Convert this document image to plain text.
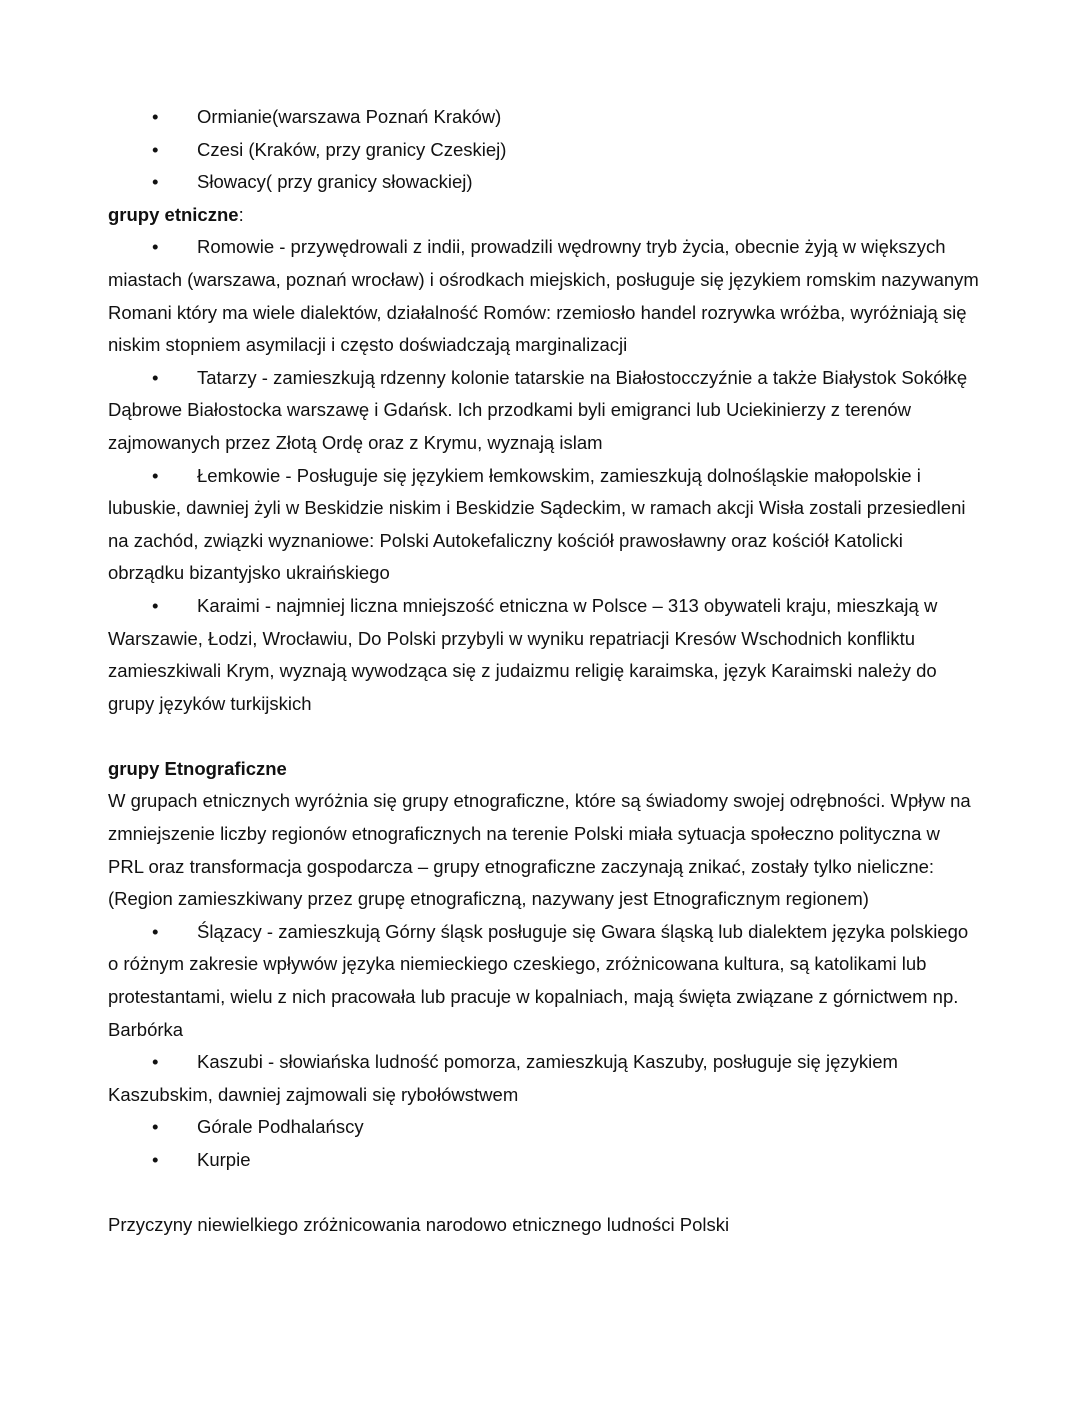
• Ormianie(warszawa Poznań Kraków)
• Czesi (Kraków, przy granicy Czeskiej)
• Słowacy( przy granicy słowackiej)
grupy etniczne:

• Romowie - przywędrowali z indii, prowadzili wędrowny tryb życia, obecnie żyją w większych miastach (warszawa, poznań wrocław) i ośrodkach miejskich, posługuje się językiem romskim nazywanym Romani który ma wiele dialektów, działalność Romów: rzemiosło handel rozrywka wróżba, wyróżniają się niskim stopniem asymilacji i często doświadczają marginalizacji

• Tatarzy - zamieszkują rdzenny kolonie tatarskie na Białostocczyźnie a także Białystok Sokółkę Dąbrowe Białostocka warszawę i Gdańsk. Ich przodkami byli emigranci lub Uciekinierzy z terenów zajmowanych przez Złotą Ordę oraz z Krymu, wyznają islam

• Łemkowie - Posługuje się językiem łemkowskim, zamieszkują dolnośląskie małopolskie i lubuskie, dawniej żyli w Beskidzie niskim i Beskidzie Sądeckim, w ramach akcji Wisła zostali przesiedleni na zachód, związki wyznaniowe: Polski Autokefaliczny kościół prawosławny oraz kościół Katolicki obrządku bizantyjsko ukraińskiego

• Karaimi - najmniej liczna mniejszość etniczna w Polsce – 313 obywateli kraju, mieszkają w Warszawie, Łodzi, Wrocławiu, Do Polski przybyli w wyniku repatriacji Kresów Wschodnich konfliktu zamieszkiwali Krym, wyznają wywodząca się z judaizmu religię karaimska, język Karaimski należy do grupy języków turkijskich

grupy Etnograficzne

W grupach etnicznych wyróżnia się grupy etnograficzne, które są świadomy swojej odrębności. Wpływ na zmniejszenie liczby regionów etnograficznych na terenie Polski miała sytuacja społeczno polityczna w PRL oraz transformacja gospodarcza – grupy etnograficzne zaczynają znikać, zostały tylko nieliczne:

(Region zamieszkiwany przez grupę etnograficzną, nazywany jest Etnograficznym regionem)

• Ślązacy - zamieszkują Górny śląsk posługuje się Gwara śląską lub dialektem języka polskiego o różnym zakresie wpływów języka niemieckiego czeskiego, zróżnicowana kultura, są katolikami lub protestantami, wielu z nich pracowała lub pracuje w kopalniach, mają święta związane z górnictwem np. Barbórka

• Kaszubi - słowiańska ludność pomorza, zamieszkują Kaszuby, posługuje się językiem Kaszubskim, dawniej zajmowali się rybołówstwem

• Górale Podhalańscy
• Kurpie

Przyczyny niewielkiego zróżnicowania narodowo etnicznego ludności Polski
